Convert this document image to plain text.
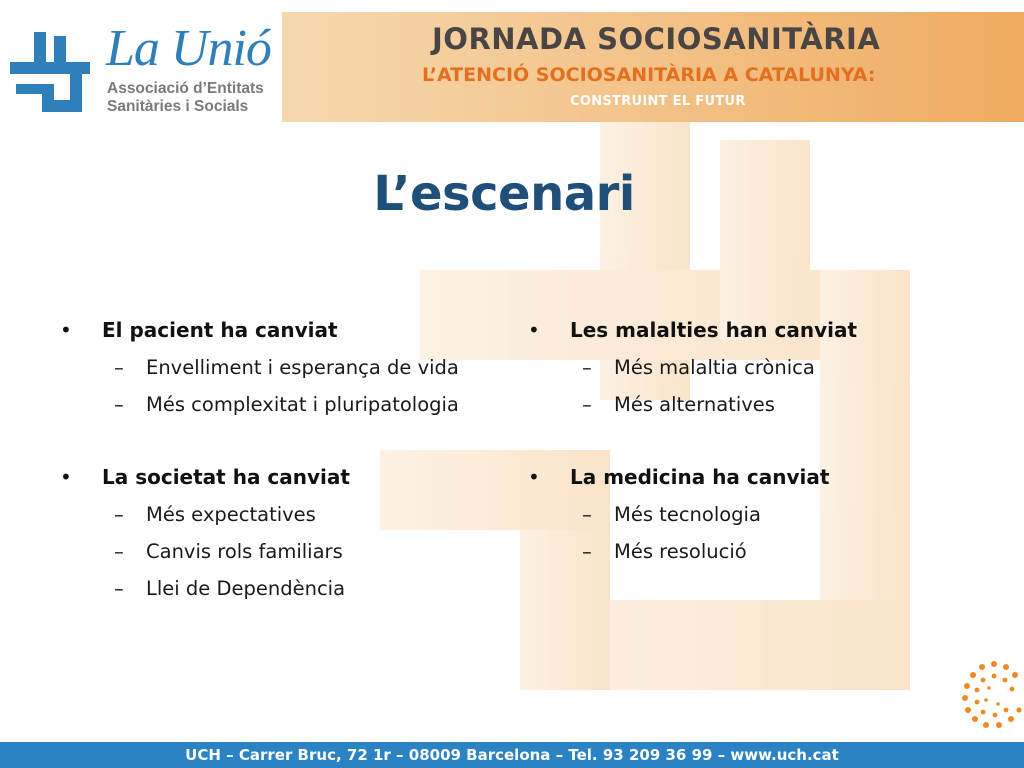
La Unió
Associació d’Entitats
Sanitàries i Socials
JORNADA SOCIOSANITÀRIA
L’ATENCIÓ SOCIOSANITÀRIA A CATALUNYA:
CONSTRUINT EL FUTUR
L’escenari
• El pacient ha canviat
– Envelliment i esperança de vida
– Més complexitat i pluripatologia
• La societat ha canviat
– Més expectatives
– Canvis rols familiars
– Llei de Dependència
• Les malalties han canviat
– Més malaltia crònica
– Més alternatives
• La medicina ha canviat
– Més tecnologia
– Més resolució
UCH – Carrer Bruc, 72 1r – 08009 Barcelona – Tel. 93 209 36 99 – www.uch.cat
